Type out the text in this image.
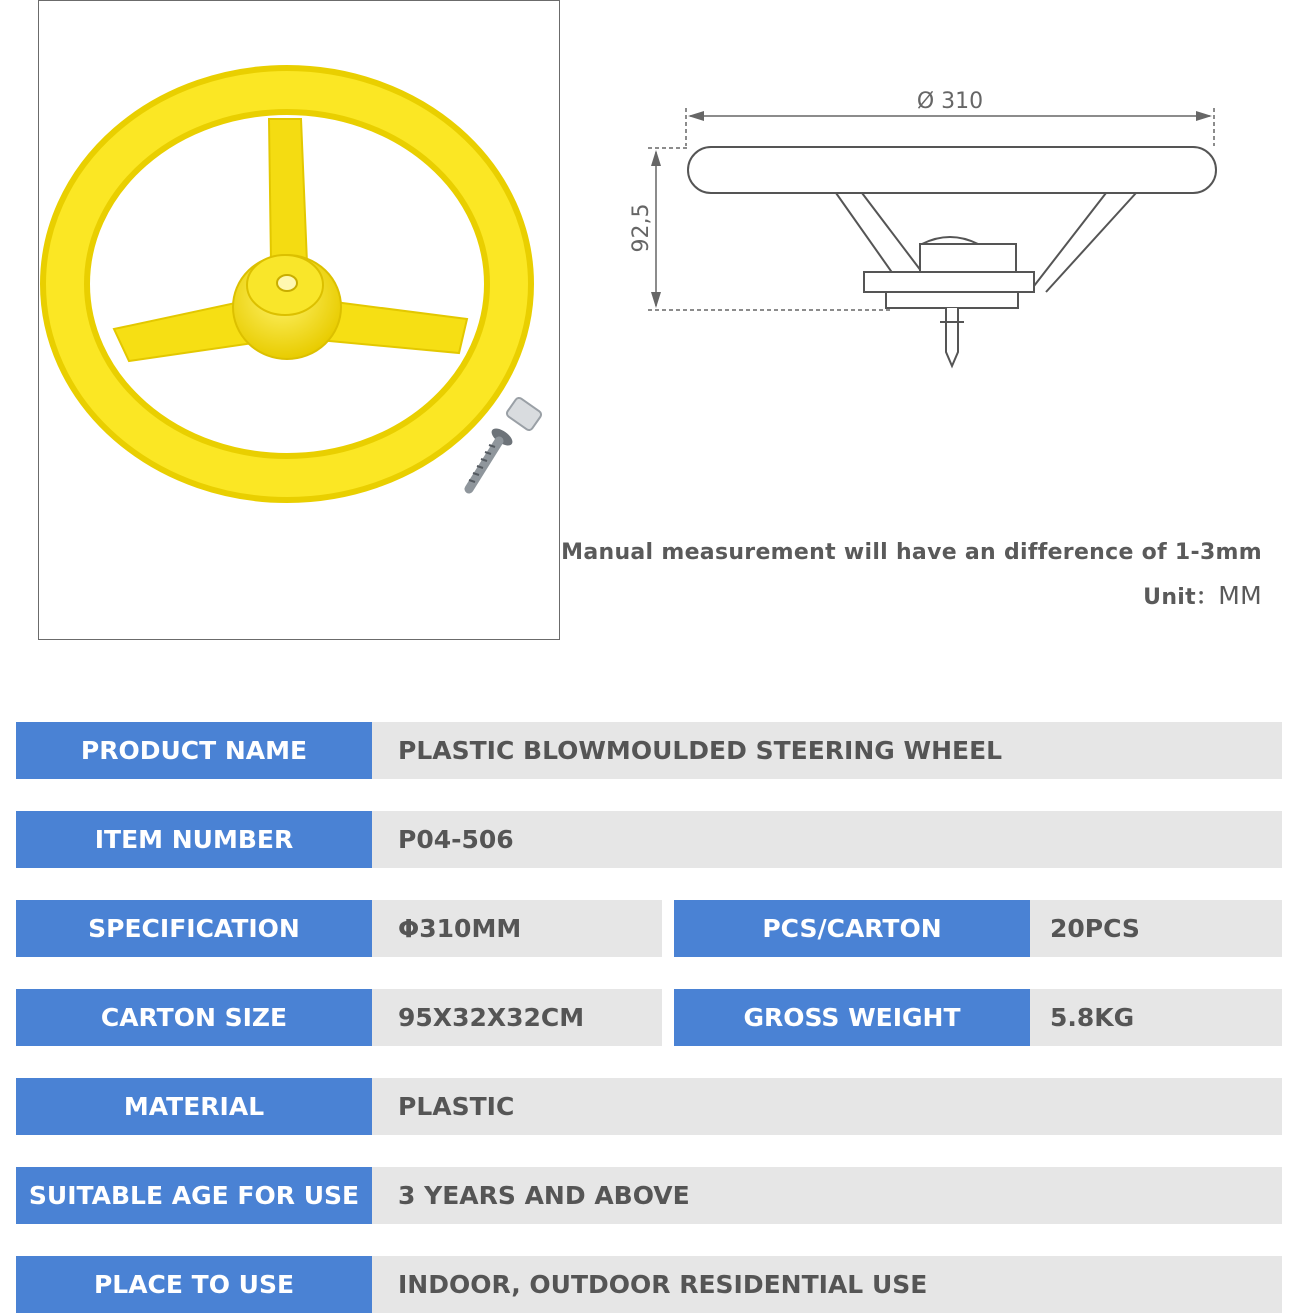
Ø 310
92,5
Manual measurement will have an difference of 1-3mm
Unit：MM
PRODUCT NAME	PLASTIC BLOWMOULDED STEERING WHEEL
ITEM NUMBER	P04-506
SPECIFICATION	Φ310MM	PCS/CARTON	20PCS
CARTON SIZE	95X32X32CM	GROSS WEIGHT	5.8KG
MATERIAL	PLASTIC
SUITABLE AGE FOR USE	3 YEARS AND ABOVE
PLACE TO USE	INDOOR, OUTDOOR RESIDENTIAL USE
